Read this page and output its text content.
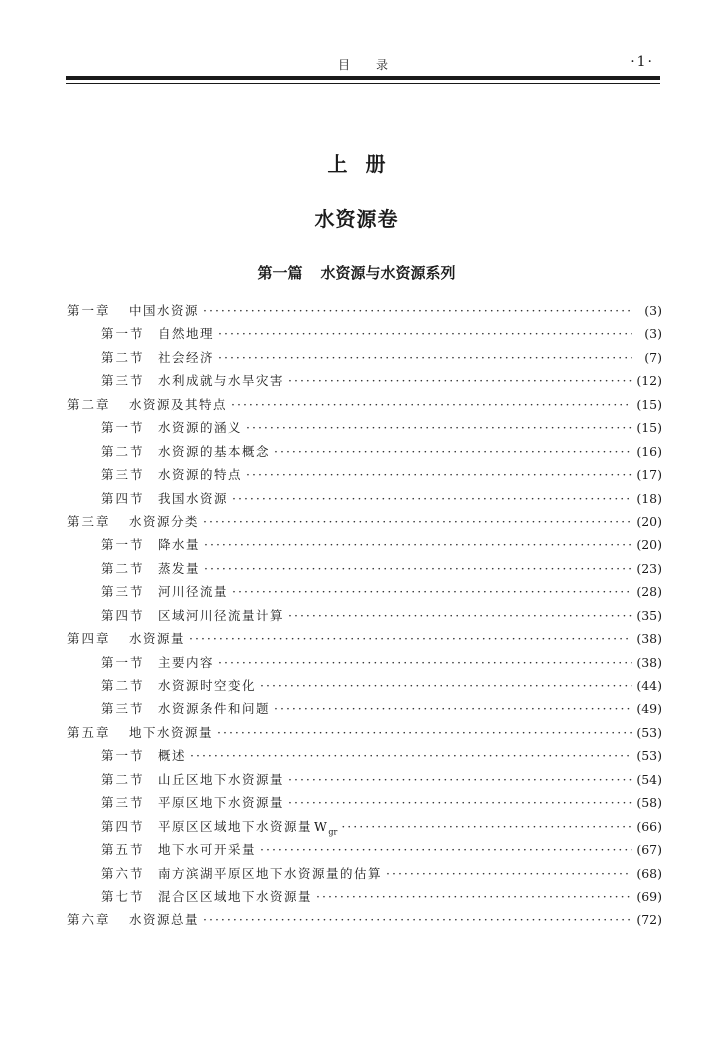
目录	·1·
上册
水资源卷
第一篇 水资源与水资源系列
第一章	中国水资源 ·····	(3)
第一节	自然地理 ·····	(3)
第二节	社会经济 ·····	(7)
第三节	水利成就与水旱灾害 ·····	(12)
第二章	水资源及其特点 ·····	(15)
第一节	水资源的涵义 ·····	(15)
第二节	水资源的基本概念 ·····	(16)
第三节	水资源的特点 ·····	(17)
第四节	我国水资源 ·····	(18)
第三章	水资源分类 ·····	(20)
第一节	降水量 ·····	(20)
第二节	蒸发量 ·····	(23)
第三节	河川径流量 ·····	(28)
第四节	区域河川径流量计算 ·····	(35)
第四章	水资源量 ·····	(38)
第一节	主要内容 ·····	(38)
第二节	水资源时空变化 ·····	(44)
第三节	水资源条件和问题 ·····	(49)
第五章	地下水资源量 ·····	(53)
第一节	概述 ·····	(53)
第二节	山丘区地下水资源量 ·····	(54)
第三节	平原区地下水资源量 ·····	(58)
第四节	平原区区域地下水资源量 $W_{gr}$ ·····	(66)
第五节	地下水可开采量 ·····	(67)
第六节	南方滨湖平原区地下水资源量的估算 ·····	(68)
第七节	混合区区域地下水资源量 ·····	(69)
第六章	水资源总量 ·····	(72)
